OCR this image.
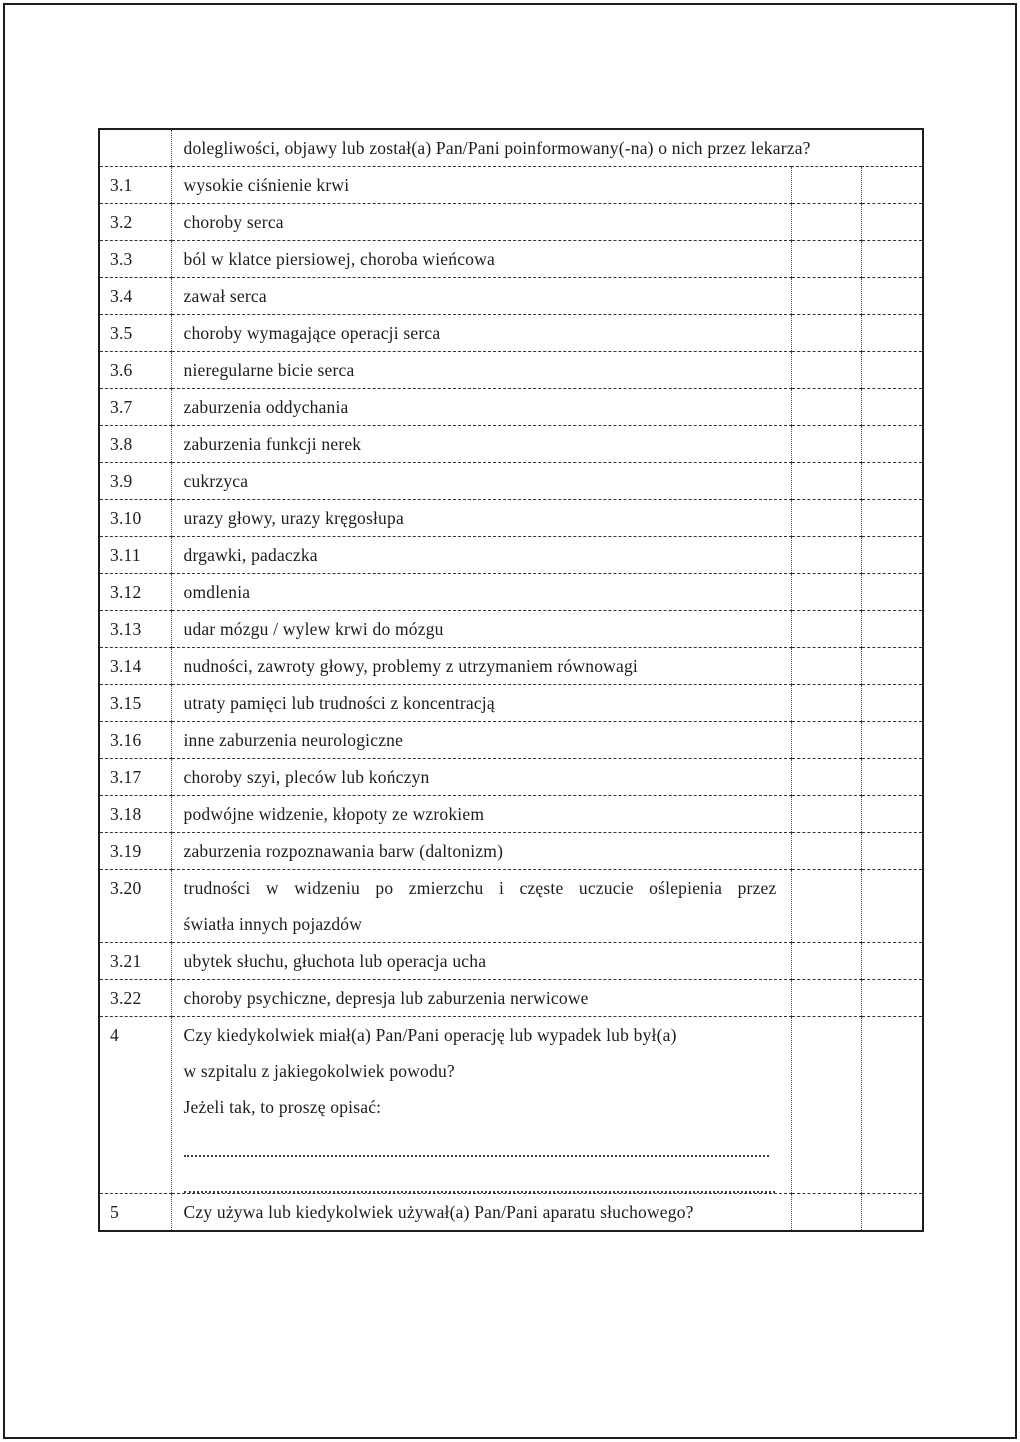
	dolegliwości, objawy lub został(a) Pan/Pani poinformowany(-na) o nich przez lekarza?		
3.1	wysokie ciśnienie krwi		
3.2	choroby serca		
3.3	ból w klatce piersiowej, choroba wieńcowa		
3.4	zawał serca		
3.5	choroby wymagające operacji serca		
3.6	nieregularne bicie serca		
3.7	zaburzenia oddychania		
3.8	zaburzenia funkcji nerek		
3.9	cukrzyca		
3.10	urazy głowy, urazy kręgosłupa		
3.11	drgawki, padaczka		
3.12	omdlenia		
3.13	udar mózgu / wylew krwi do mózgu		
3.14	nudności, zawroty głowy, problemy z utrzymaniem równowagi		
3.15	utraty pamięci lub trudności z koncentracją		
3.16	inne zaburzenia neurologiczne		
3.17	choroby szyi, pleców lub kończyn		
3.18	podwójne widzenie, kłopoty ze wzrokiem		
3.19	zaburzenia rozpoznawania barw (daltonizm)		
3.20	trudności w widzeniu po zmierzchu i częste uczucie oślepienia przez
światła innych pojazdów		

3.21	ubytek słuchu, głuchota lub operacja ucha		
3.22	choroby psychiczne, depresja lub zaburzenia nerwicowe		
4	Czy kiedykolwiek miał(a) Pan/Pani operację lub wypadek lub był(a)
w szpitalu z jakiegokolwiek powodu?
Jeżeli tak, to proszę opisać:		

5	Czy używa lub kiedykolwiek używał(a) Pan/Pani aparatu słuchowego?		
